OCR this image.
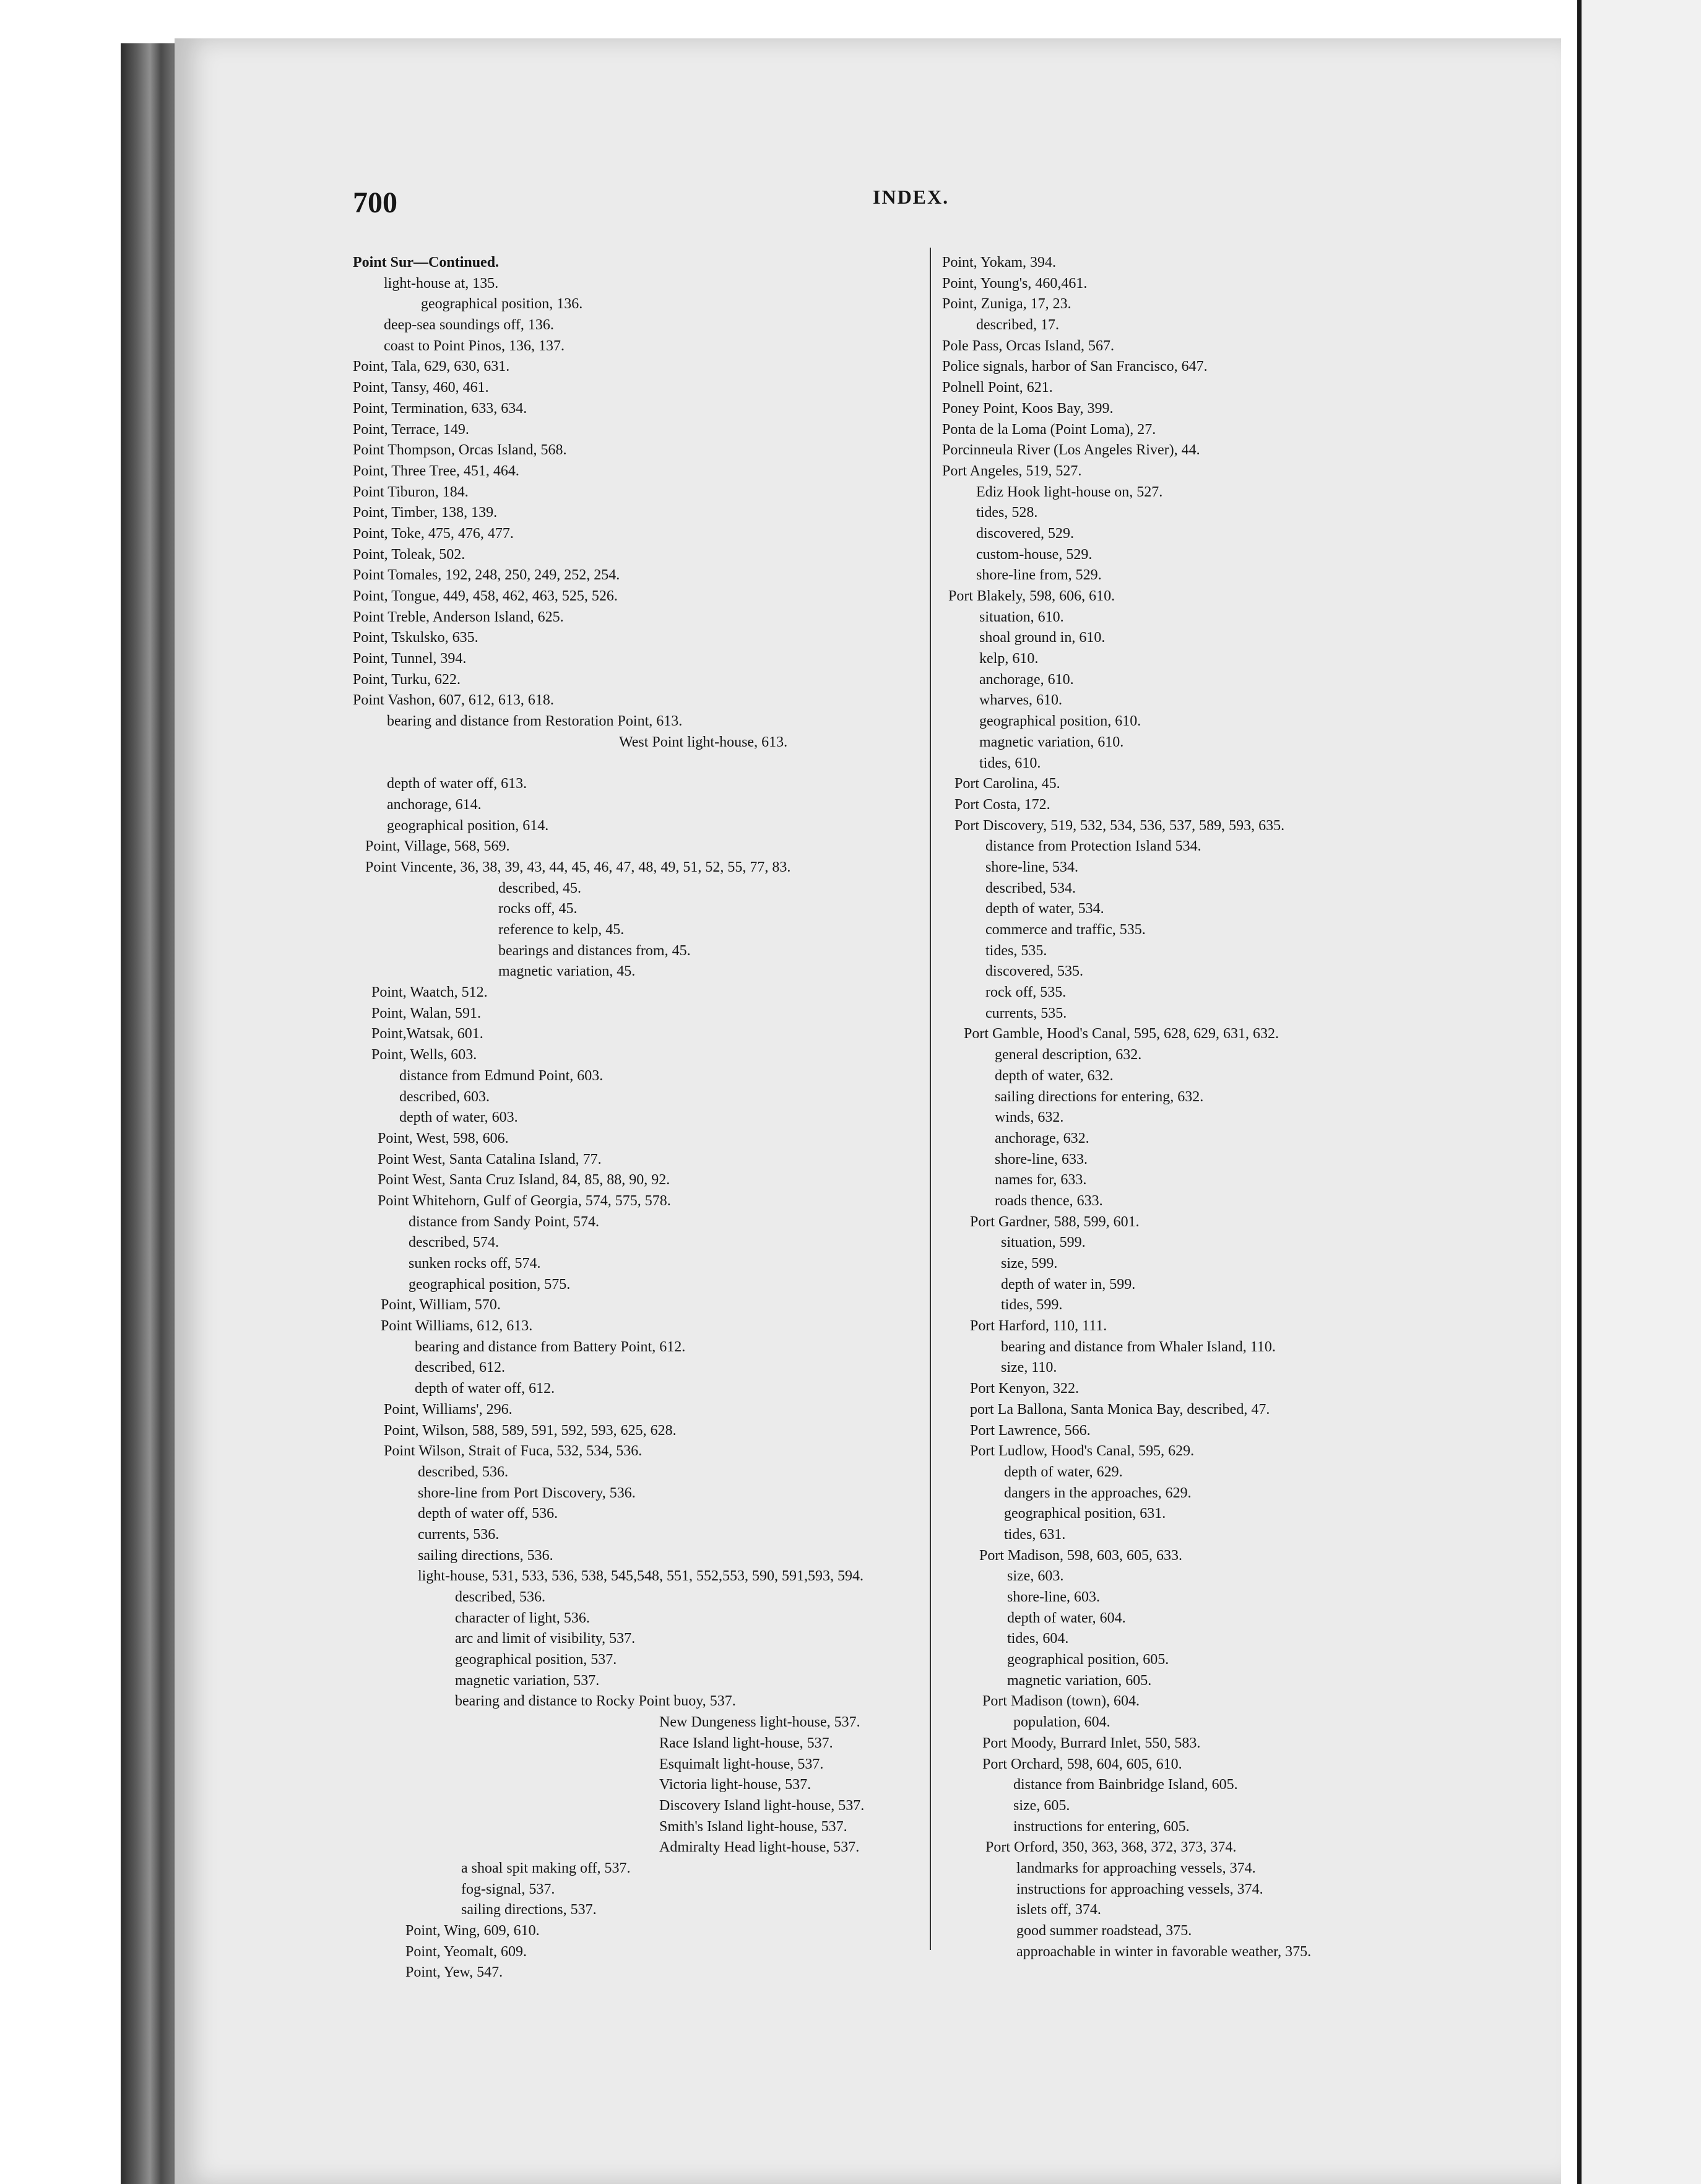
700	INDEX.
Point Sur—Continued.
light-house at, 135.
geographical position, 136.
deep-sea soundings off, 136.
coast to Point Pinos, 136, 137.
Point, Tala, 629, 630, 631.
Point, Tansy, 460, 461.
Point, Termination, 633, 634.
Point, Terrace, 149.
Point Thompson, Orcas Island, 568.
Point, Three Tree, 451, 464.
Point Tiburon, 184.
Point, Timber, 138, 139.
Point, Toke, 475, 476, 477.
Point, Toleak, 502.
Point Tomales, 192, 248, 250, 249, 252, 254.
Point, Tongue, 449, 458, 462, 463, 525, 526.
Point Treble, Anderson Island, 625.
Point, Tskulsko, 635.
Point, Tunnel, 394.
Point, Turku, 622.
Point Vashon, 607, 612, 613, 618.
bearing and distance from Restoration Point, 613.
West Point light-house, 613.
depth of water off, 613.
anchorage, 614.
geographical position, 614.
Point, Village, 568, 569.
Point Vincente, 36, 38, 39, 43, 44, 45, 46, 47, 48, 49, 51, 52, 55, 77, 83.
described, 45.
rocks off, 45.
reference to kelp, 45.
bearings and distances from, 45.
magnetic variation, 45.
Point, Waatch, 512.
Point, Walan, 591.
Point,Watsak, 601.
Point, Wells, 603.
distance from Edmund Point, 603.
described, 603.
depth of water, 603.
Point, West, 598, 606.
Point West, Santa Catalina Island, 77.
Point West, Santa Cruz Island, 84, 85, 88, 90, 92.
Point Whitehorn, Gulf of Georgia, 574, 575, 578.
distance from Sandy Point, 574.
described, 574.
sunken rocks off, 574.
geographical position, 575.
Point, William, 570.
Point Williams, 612, 613.
bearing and distance from Battery Point, 612.
described, 612.
depth of water off, 612.
Point, Williams', 296.
Point, Wilson, 588, 589, 591, 592, 593, 625, 628.
Point Wilson, Strait of Fuca, 532, 534, 536.
described, 536.
shore-line from Port Discovery, 536.
depth of water off, 536.
currents, 536.
sailing directions, 536.
light-house, 531, 533, 536, 538, 545,548, 551, 552,553, 590, 591,593, 594.
described, 536.
character of light, 536.
arc and limit of visibility, 537.
geographical position, 537.
magnetic variation, 537.
bearing and distance to Rocky Point buoy, 537.
New Dungeness light-house, 537.
Race Island light-house, 537.
Esquimalt light-house, 537.
Victoria light-house, 537.
Discovery Island light-house, 537.
Smith's Island light-house, 537.
Admiralty Head light-house, 537.
a shoal spit making off, 537.
fog-signal, 537.
sailing directions, 537.
Point, Wing, 609, 610.
Point, Yeomalt, 609.
Point, Yew, 547.
Point, Yokam, 394.
Point, Young's, 460,461.
Point, Zuniga, 17, 23.
described, 17.
Pole Pass, Orcas Island, 567.
Police signals, harbor of San Francisco, 647.
Polnell Point, 621.
Poney Point, Koos Bay, 399.
Ponta de la Loma (Point Loma), 27.
Porcinneula River (Los Angeles River), 44.
Port Angeles, 519, 527.
Ediz Hook light-house on, 527.
tides, 528.
discovered, 529.
custom-house, 529.
shore-line from, 529.
Port Blakely, 598, 606, 610.
situation, 610.
shoal ground in, 610.
kelp, 610.
anchorage, 610.
wharves, 610.
geographical position, 610.
magnetic variation, 610.
tides, 610.
Port Carolina, 45.
Port Costa, 172.
Port Discovery, 519, 532, 534, 536, 537, 589, 593, 635.
distance from Protection Island 534.
shore-line, 534.
described, 534.
depth of water, 534.
commerce and traffic, 535.
tides, 535.
discovered, 535.
rock off, 535.
currents, 535.
Port Gamble, Hood's Canal, 595, 628, 629, 631, 632.
general description, 632.
depth of water, 632.
sailing directions for entering, 632.
winds, 632.
anchorage, 632.
shore-line, 633.
names for, 633.
roads thence, 633.
Port Gardner, 588, 599, 601.
situation, 599.
size, 599.
depth of water in, 599.
tides, 599.
Port Harford, 110, 111.
bearing and distance from Whaler Island, 110.
size, 110.
Port Kenyon, 322.
port La Ballona, Santa Monica Bay, described, 47.
Port Lawrence, 566.
Port Ludlow, Hood's Canal, 595, 629.
depth of water, 629.
dangers in the approaches, 629.
geographical position, 631.
tides, 631.
Port Madison, 598, 603, 605, 633.
size, 603.
shore-line, 603.
depth of water, 604.
tides, 604.
geographical position, 605.
magnetic variation, 605.
Port Madison (town), 604.
population, 604.
Port Moody, Burrard Inlet, 550, 583.
Port Orchard, 598, 604, 605, 610.
distance from Bainbridge Island, 605.
size, 605.
instructions for entering, 605.
Port Orford, 350, 363, 368, 372, 373, 374.
landmarks for approaching vessels, 374.
instructions for approaching vessels, 374.
islets off, 374.
good summer roadstead, 375.
approachable in winter in favorable weather, 375.
